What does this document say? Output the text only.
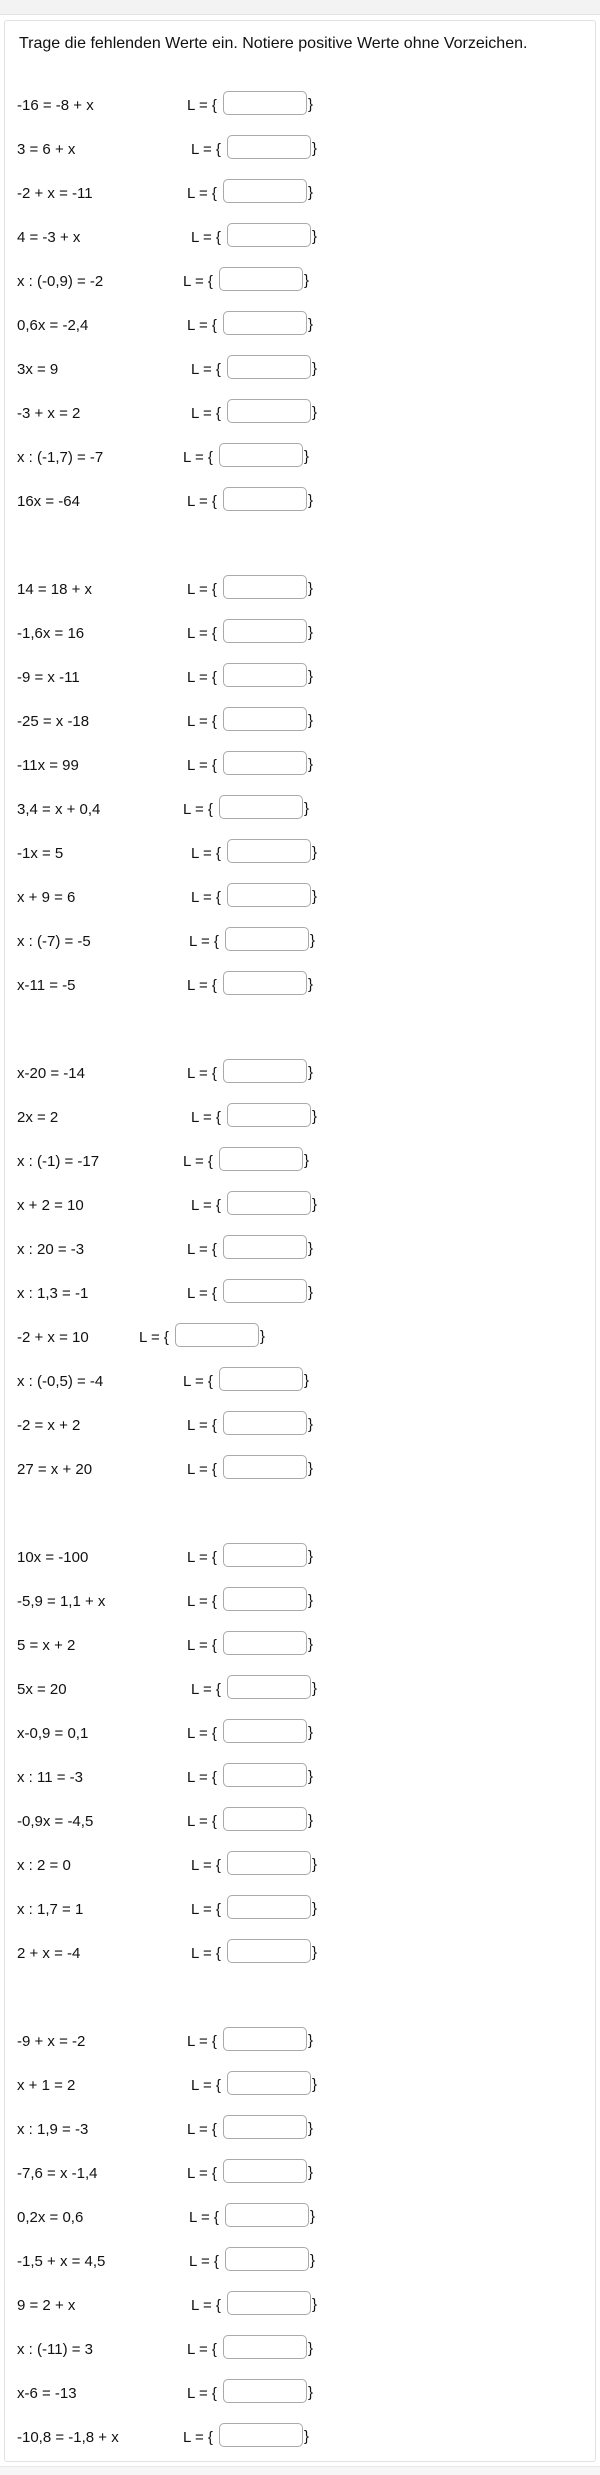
Trage die fehlenden Werte ein. Notiere positive Werte ohne Vorzeichen.

-16 = -8 + x	L = {	}
3 = 6 + x	L = {	}
-2 + x = -11	L = {	}
4 = -3 + x	L = {	}
x : (-0,9) = -2	L = {	}
0,6x = -2,4	L = {	}
3x = 9	L = {	}
-3 + x = 2	L = {	}
x : (-1,7) = -7	L = {	}
16x = -64	L = {	}
14 = 18 + x	L = {	}
-1,6x = 16	L = {	}
-9 = x -11	L = {	}
-25 = x -18	L = {	}
-11x = 99	L = {	}
3,4 = x + 0,4	L = {	}
-1x = 5	L = {	}
x + 9 = 6	L = {	}
x : (-7) = -5	L = {	}
x-11 = -5	L = {	}
x-20 = -14	L = {	}
2x = 2	L = {	}
x : (-1) = -17	L = {	}
x + 2 = 10	L = {	}
x : 20 = -3	L = {	}
x : 1,3 = -1	L = {	}
-2 + x = 10	L = {	}
x : (-0,5) = -4	L = {	}
-2 = x + 2	L = {	}
27 = x + 20	L = {	}
10x = -100	L = {	}
-5,9 = 1,1 + x	L = {	}
5 = x + 2	L = {	}
5x = 20	L = {	}
x-0,9 = 0,1	L = {	}
x : 11 = -3	L = {	}
-0,9x = -4,5	L = {	}
x : 2 = 0	L = {	}
x : 1,7 = 1	L = {	}
2 + x = -4	L = {	}
-9 + x = -2	L = {	}
x + 1 = 2	L = {	}
x : 1,9 = -3	L = {	}
-7,6 = x -1,4	L = {	}
0,2x = 0,6	L = {	}
-1,5 + x = 4,5	L = {	}
9 = 2 + x	L = {	}
x : (-11) = 3	L = {	}
x-6 = -13	L = {	}
-10,8 = -1,8 + x	L = {	}
